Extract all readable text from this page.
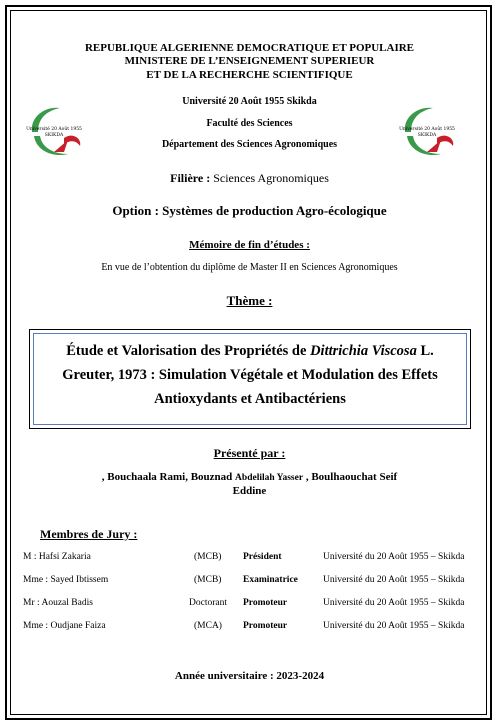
REPUBLIQUE ALGERIENNE DEMOCRATIQUE ET POPULAIRE
MINISTERE DE L’ENSEIGNEMENT SUPERIEUR
ET DE LA RECHERCHE SCIENTIFIQUE
Université 20 Août 1955
SKIKDA
Université 20 Août 1955
SKIKDA
Université 20 Août 1955 Skikda
Faculté des Sciences
Département des Sciences Agronomiques
Filière : Sciences Agronomiques
Option : Systèmes de production Agro-écologique
Mémoire de fin d’études :
En vue de l’obtention du diplôme de Master II en Sciences Agronomiques
Thème :
Étude et Valorisation des Propriétés de Dittrichia Viscosa L.
Greuter, 1973 : Simulation Végétale et Modulation des Effets
Antioxydants et Antibactériens
Présenté par :
, Bouchaala Rami, Bouznad Abdelilah Yasser , Boulhaouchat Seif
Eddine
Membres de Jury :
M : Hafsi Zakaria	(MCB) Président	Université du 20 Août 1955 – Skikda
Mme : Sayed Ibtissem	(MCB) Examinatrice	Université du 20 Août 1955 – Skikda
Mr : Aouzal Badis	Doctorant Promoteur	Université du 20 Août 1955 – Skikda
Mme : Oudjane Faiza	(MCA) Promoteur	Université du 20 Août 1955 – Skikda
Année universitaire : 2023-2024
